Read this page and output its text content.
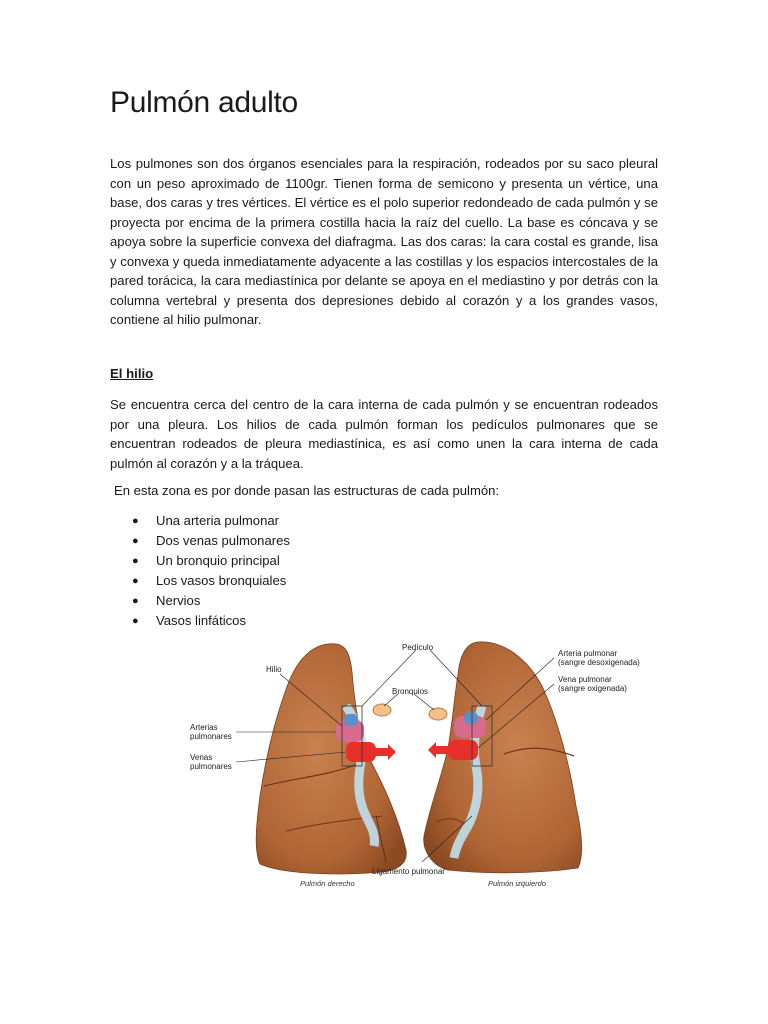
Pulmón adulto

Los pulmones son dos órganos esenciales para la respiración, rodeados por su saco pleural con un peso aproximado de 1100gr. Tienen forma de semicono y presenta un vértice, una base, dos caras y tres vértices. El vértice es el polo superior redondeado de cada pulmón y se proyecta por encima de la primera costilla hacia la raíz del cuello. La base es cóncava y se apoya sobre la superficie convexa del diafragma. Las dos caras: la cara costal es grande, lisa y convexa y queda inmediatamente adyacente a las costillas y los espacios intercostales de la pared torácica, la cara mediastínica por delante se apoya en el mediastino y por detrás con la columna vertebral y presenta dos depresiones debido al corazón y a los grandes vasos, contiene al hilio pulmonar.

El hilio

Se encuentra cerca del centro de la cara interna de cada pulmón y se encuentran rodeados por una pleura. Los hilios de cada pulmón forman los pedículos pulmonares que se encuentran rodeados de pleura mediastínica, es así como unen la cara interna de cada pulmón al corazón y a la tráquea.

En esta zona es por donde pasan las estructuras de cada pulmón:

● Una arteria pulmonar
● Dos venas pulmonares
● Un bronquio principal
● Los vasos bronquiales
● Nervios
● Vasos linfáticos
Pedículo
Hilio
Bronquios
Arterias
pulmonares
Venas
pulmonares
Arteria pulmonar
(sangre desoxigenada)
Vena pulmonar
(sangre oxigenada)
Ligamento pulmonar
Pulmón derecho	Pulmón izquierdo
